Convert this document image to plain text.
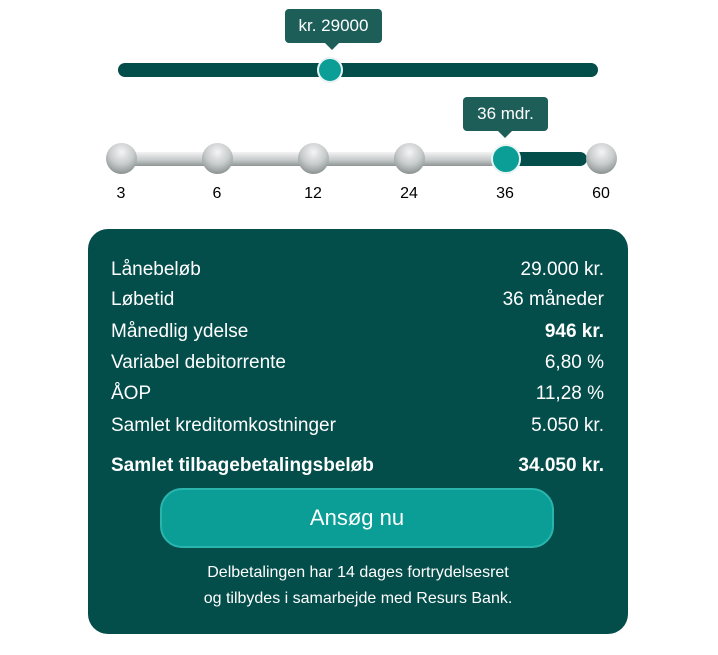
kr. 29000
36 mdr.
3	6	12	24	36	60
Lånebeløb	29.000 kr.
Løbetid	36 måneder
Månedlig ydelse	946 kr.
Variabel debitorrente	6,80 %
ÅOP	11,28 %
Samlet kreditomkostninger	5.050 kr.
Samlet tilbagebetalingsbeløb	34.050 kr.
Ansøg nu
Delbetalingen har 14 dages fortrydelsesret
og tilbydes i samarbejde med Resurs Bank.
